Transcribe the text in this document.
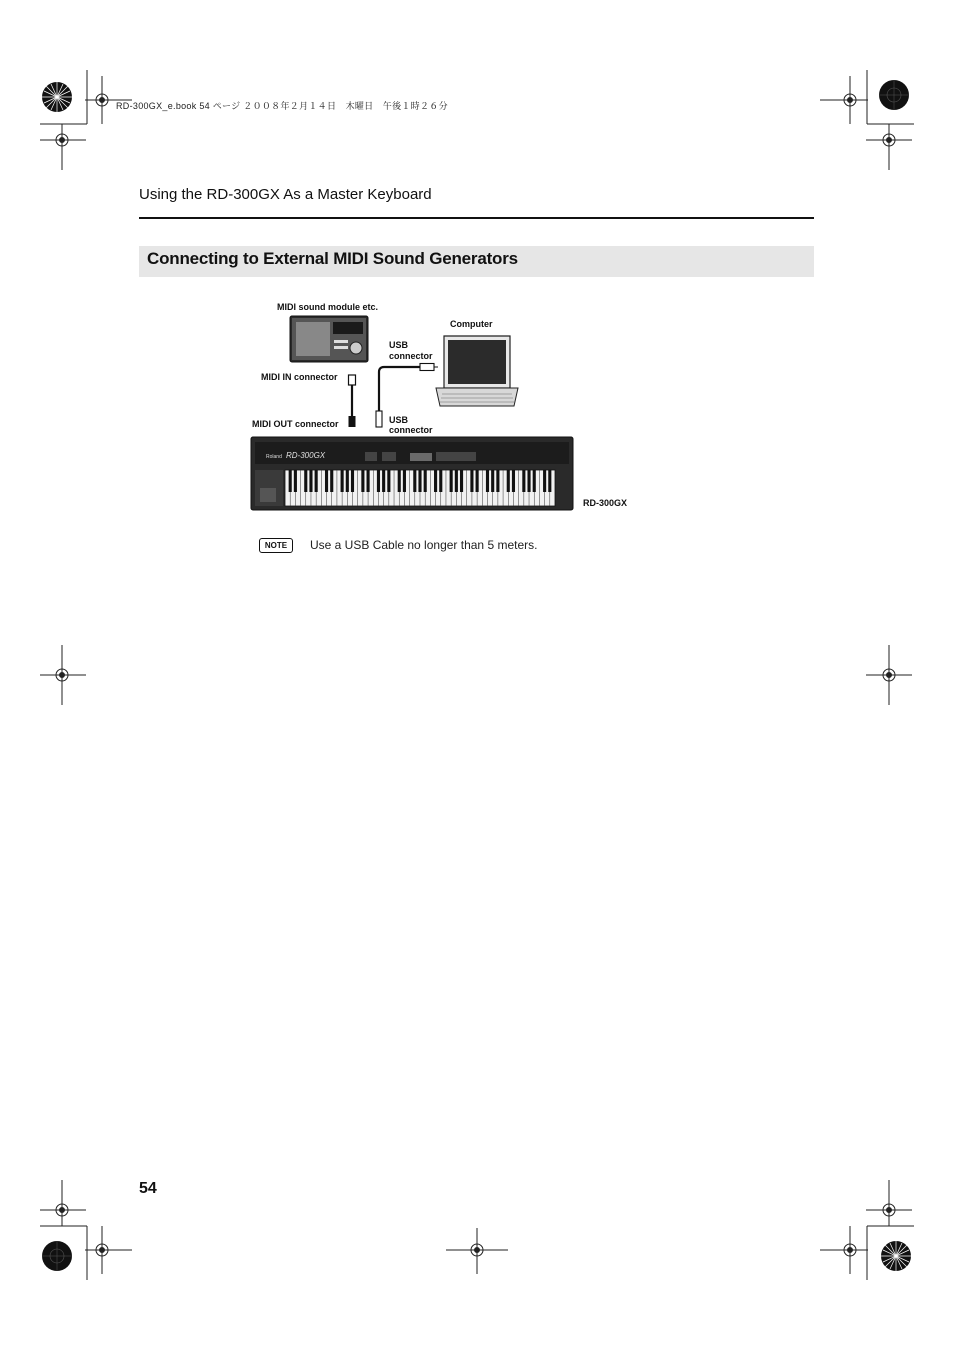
RD-300GX_e.book 54 ページ ２００８年２月１４日　木曜日　午後１時２６分
Using the RD-300GX As a Master Keyboard
Connecting to External MIDI Sound Generators
MIDI sound module etc.
Computer
USB
connector
MIDI IN connector
MIDI OUT connector	USB
connector
RD-300GX
Roland RD-300GX
NOTE	Use a USB Cable no longer than 5 meters.
54
